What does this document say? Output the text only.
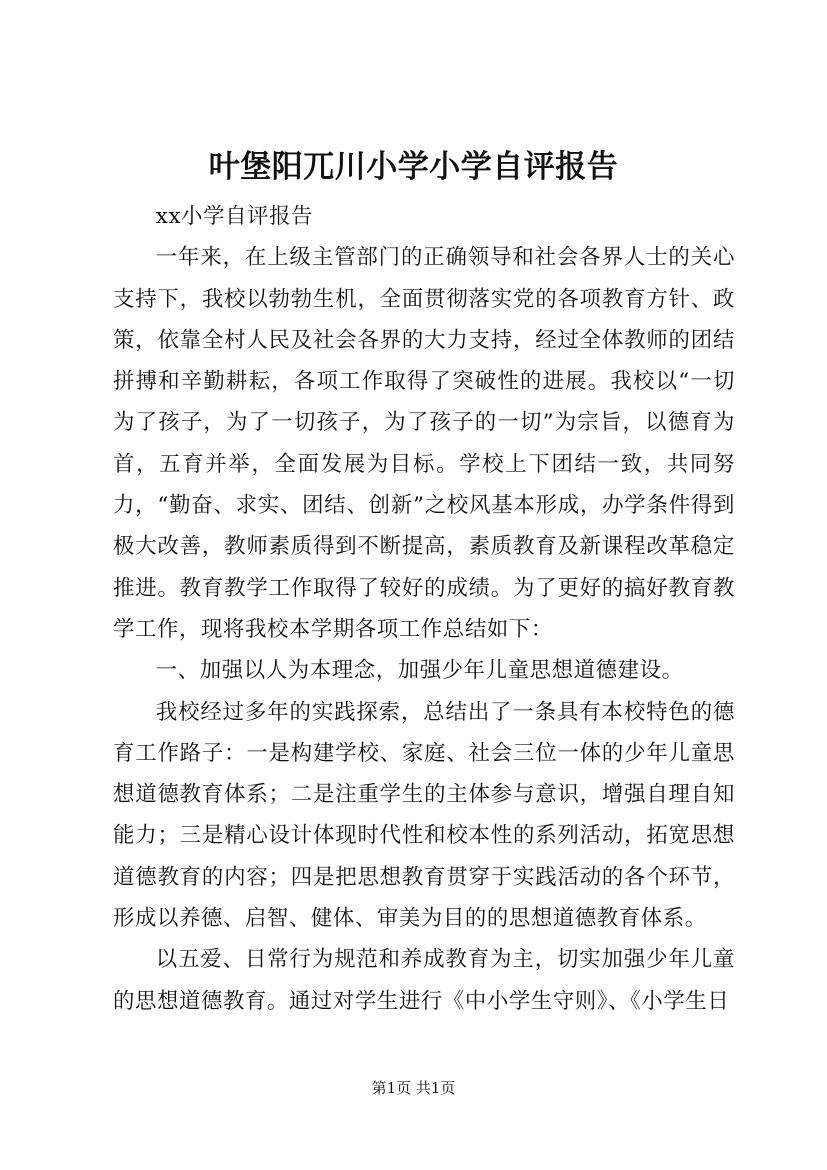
叶堡阳兀川小学小学自评报告

xx小学自评报告

一年来，在上级主管部门的正确领导和社会各界人士的关心支持下，我校以勃勃生机，全面贯彻落实党的各项教育方针、政策，依靠全村人民及社会各界的大力支持，经过全体教师的团结拼搏和辛勤耕耘，各项工作取得了突破性的进展。我校以“一切为了孩子，为了一切孩子，为了孩子的一切”为宗旨，以德育为首，五育并举，全面发展为目标。学校上下团结一致，共同努力，“勤奋、求实、团结、创新”之校风基本形成，办学条件得到极大改善，教师素质得到不断提高，素质教育及新课程改革稳定推进。教育教学工作取得了较好的成绩。为了更好的搞好教育教学工作，现将我校本学期各项工作总结如下：

一、加强以人为本理念，加强少年儿童思想道德建设。

我校经过多年的实践探索，总结出了一条具有本校特色的德育工作路子：一是构建学校、家庭、社会三位一体的少年儿童思想道德教育体系；二是注重学生的主体参与意识，增强自理自知能力；三是精心设计体现时代性和校本性的系列活动，拓宽思想道德教育的内容；四是把思想教育贯穿于实践活动的各个环节，形成以养德、启智、健体、审美为目的的思想道德教育体系。

以五爱、日常行为规范和养成教育为主，切实加强少年儿童的思想道德教育。通过对学生进行《中小学生守则》、《小学生日

第1页 共1页
